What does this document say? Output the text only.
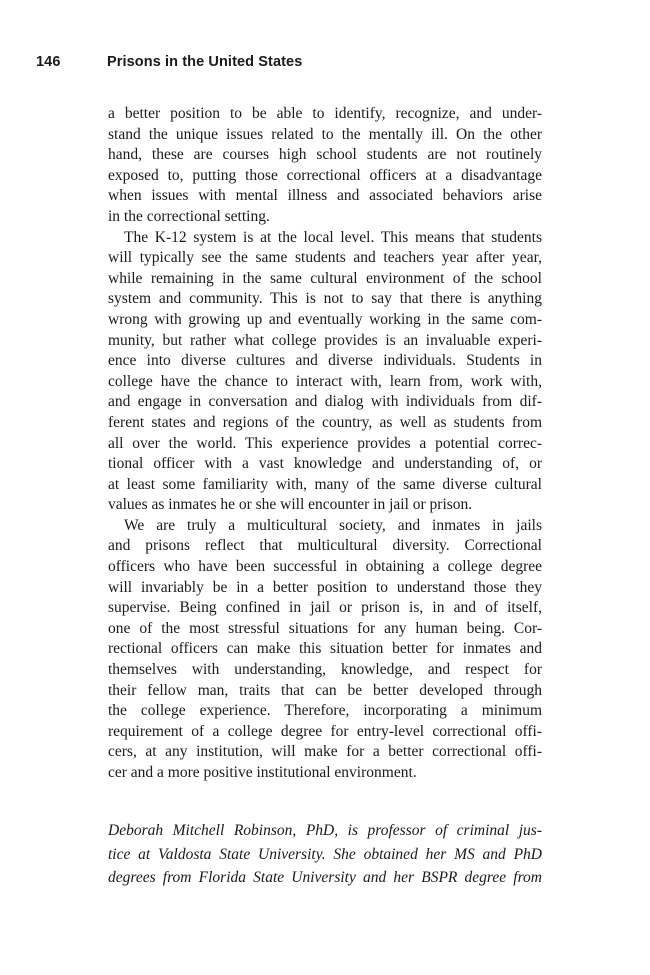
146	Prisons in the United States
a better position to be able to identify, recognize, and under-
stand the unique issues related to the mentally ill. On the other
hand, these are courses high school students are not routinely
exposed to, putting those correctional officers at a disadvantage
when issues with mental illness and associated behaviors arise
in the correctional setting.
The K-12 system is at the local level. This means that students
will typically see the same students and teachers year after year,
while remaining in the same cultural environment of the school
system and community. This is not to say that there is anything
wrong with growing up and eventually working in the same com-
munity, but rather what college provides is an invaluable experi-
ence into diverse cultures and diverse individuals. Students in
college have the chance to interact with, learn from, work with,
and engage in conversation and dialog with individuals from dif-
ferent states and regions of the country, as well as students from
all over the world. This experience provides a potential correc-
tional officer with a vast knowledge and understanding of, or
at least some familiarity with, many of the same diverse cultural
values as inmates he or she will encounter in jail or prison.
We are truly a multicultural society, and inmates in jails
and prisons reflect that multicultural diversity. Correctional
officers who have been successful in obtaining a college degree
will invariably be in a better position to understand those they
supervise. Being confined in jail or prison is, in and of itself,
one of the most stressful situations for any human being. Cor-
rectional officers can make this situation better for inmates and
themselves with understanding, knowledge, and respect for
their fellow man, traits that can be better developed through
the college experience. Therefore, incorporating a minimum
requirement of a college degree for entry-level correctional offi-
cers, at any institution, will make for a better correctional offi-
cer and a more positive institutional environment.
Deborah Mitchell Robinson, PhD, is professor of criminal jus-
tice at Valdosta State University. She obtained her MS and PhD
degrees from Florida State University and her BSPR degree from
